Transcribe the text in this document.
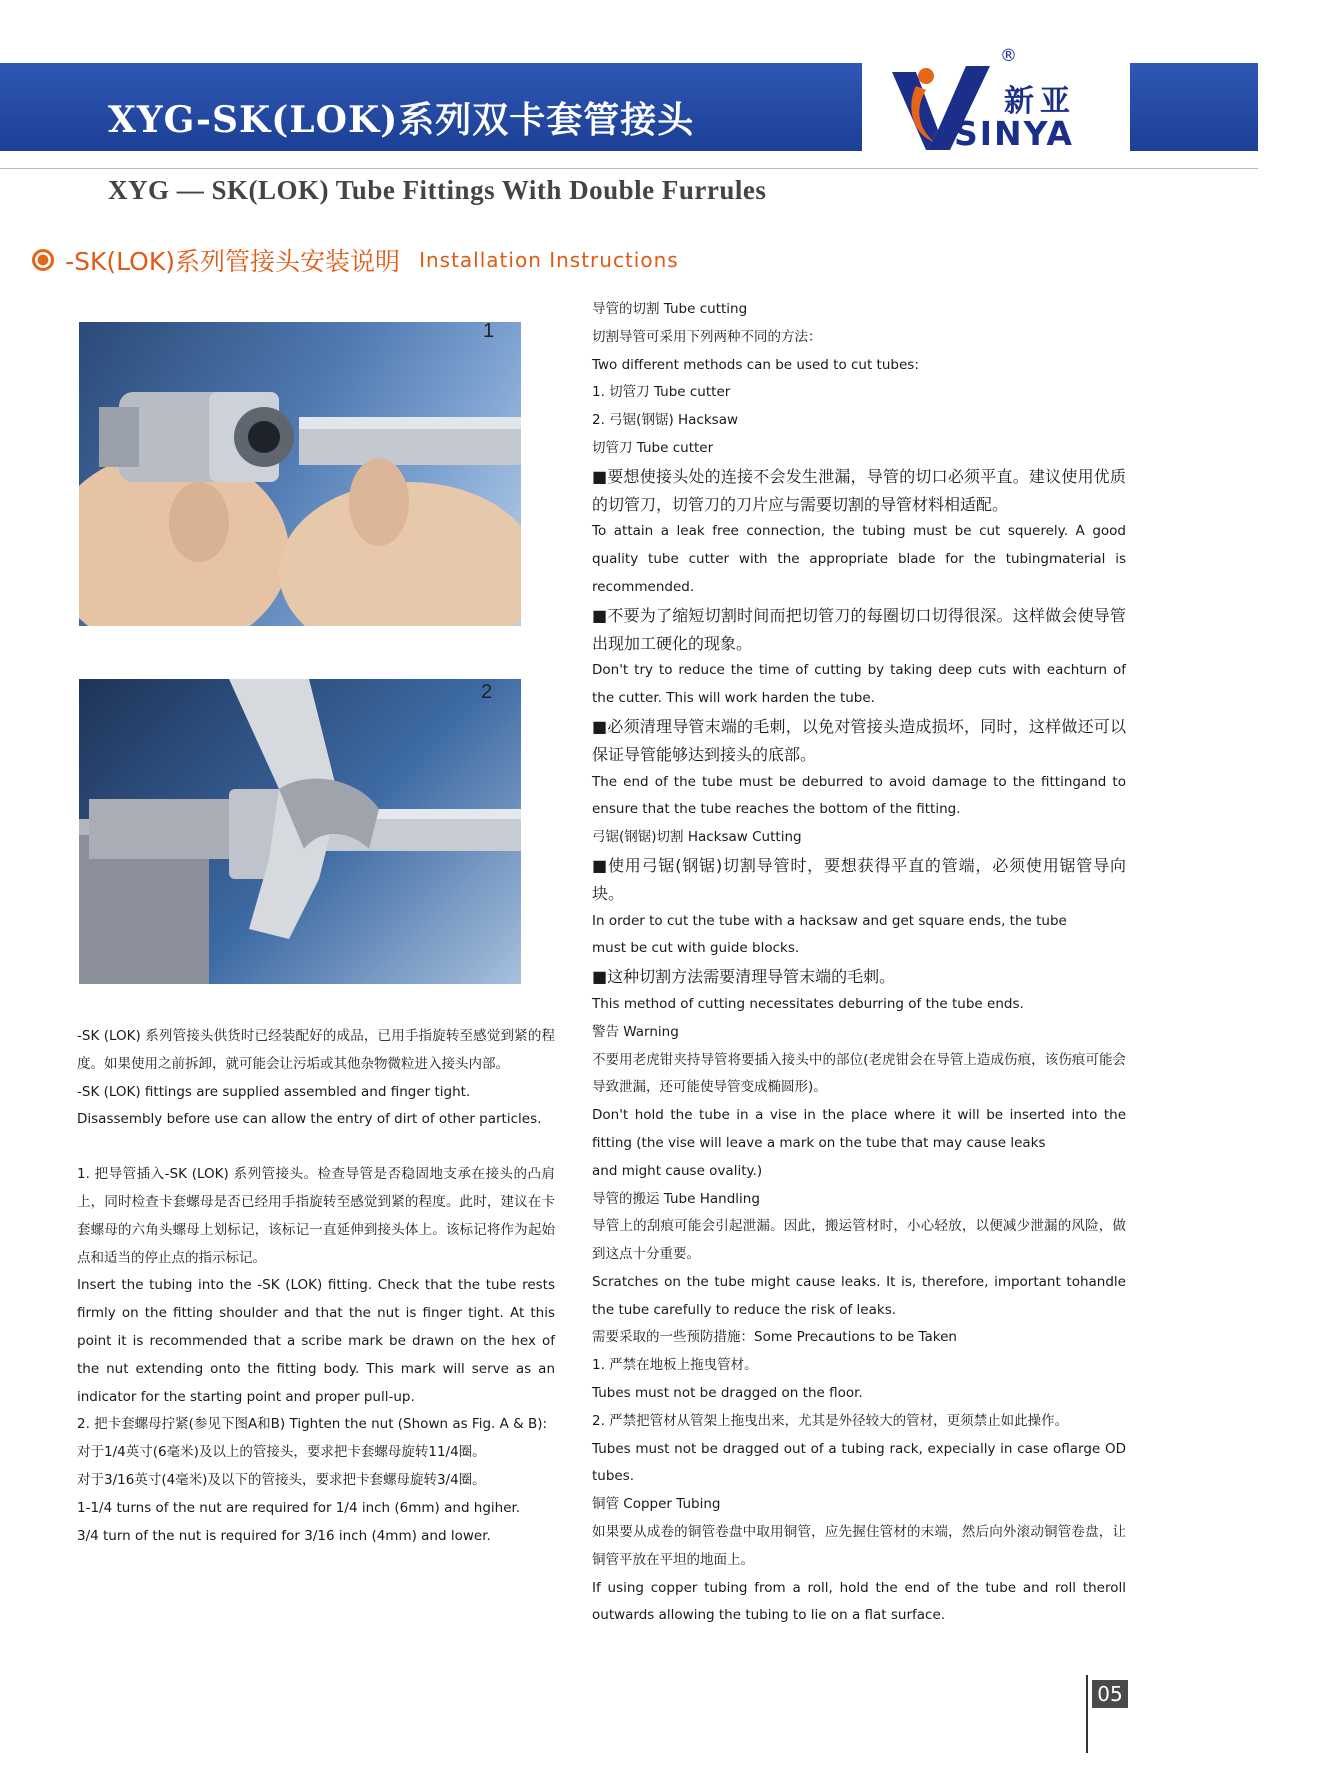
XYG-SK(LOK)系列双卡套管接头
®
新亚
SINYA
XYG — SK(LOK) Tube Fittings With Double Furrules
-SK(LOK)系列管接头安装说明 Installation Instructions
1
2

-SK (LOK) 系列管接头供货时已经装配好的成品，已用手指旋转至感觉到紧的程度。如果使用之前拆卸，就可能会让污垢或其他杂物微粒进入接头内部。

-SK (LOK) fittings are supplied assembled and finger tight.

Disassembly before use can allow the entry of dirt of other particles.

1. 把导管插入-SK (LOK) 系列管接头。检查导管是否稳固地支承在接头的凸肩上，同时检查卡套螺母是否已经用手指旋转至感觉到紧的程度。此时，建议在卡套螺母的六角头螺母上划标记，该标记一直延伸到接头体上。该标记将作为起始点和适当的停止点的指示标记。

Insert the tubing into the -SK (LOK) fitting. Check that the tube rests firmly on the fitting shoulder and that the nut is finger tight. At this point it is recommended that a scribe mark be drawn on the hex of the nut extending onto the fitting body. This mark will serve as an indicator for the starting point and proper pull-up.

2. 把卡套螺母拧紧(参见下图A和B) Tighten the nut (Shown as Fig. A & B):

对于1/4英寸(6毫米)及以上的管接头，要求把卡套螺母旋转11/4圈。

对于3/16英寸(4毫米)及以下的管接头，要求把卡套螺母旋转3/4圈。

1-1/4 turns of the nut are required for 1/4 inch (6mm) and hgiher.

3/4 turn of the nut is required for 3/16 inch (4mm) and lower.

导管的切割 Tube cutting

切割导管可采用下列两种不同的方法：

Two different methods can be used to cut tubes:

1. 切管刀 Tube cutter

2. 弓锯(钢锯) Hacksaw

切管刀 Tube cutter

■要想使接头处的连接不会发生泄漏，导管的切口必须平直。建议使用优质的切管刀，切管刀的刀片应与需要切割的导管材料相适配。

To attain a leak free connection, the tubing must be cut squerely. A good quality tube cutter with the appropriate blade for the tubingmaterial is recommended.

■不要为了缩短切割时间而把切管刀的每圈切口切得很深。这样做会使导管出现加工硬化的现象。

Don't try to reduce the time of cutting by taking deep cuts with eachturn of the cutter. This will work harden the tube.

■必须清理导管末端的毛刺，以免对管接头造成损坏，同时，这样做还可以保证导管能够达到接头的底部。

The end of the tube must be deburred to avoid damage to the fittingand to ensure that the tube reaches the bottom of the fitting.

弓锯(钢锯)切割 Hacksaw Cutting

■使用弓锯(钢锯)切割导管时，要想获得平直的管端，必须使用锯管导向块。

In order to cut the tube with a hacksaw and get square ends, the tube

must be cut with guide blocks.

■这种切割方法需要清理导管末端的毛刺。

This method of cutting necessitates deburring of the tube ends.

警告 Warning

不要用老虎钳夹持导管将要插入接头中的部位(老虎钳会在导管上造成伤痕，该伤痕可能会导致泄漏，还可能使导管变成椭圆形)。

Don't hold the tube in a vise in the place where it will be inserted into the fitting (the vise will leave a mark on the tube that may cause leaks

and might cause ovality.)

导管的搬运 Tube Handling

导管上的刮痕可能会引起泄漏。因此，搬运管材时，小心轻放，以便减少泄漏的风险，做到这点十分重要。

Scratches on the tube might cause leaks. It is, therefore, important tohandle the tube carefully to reduce the risk of leaks.

需要采取的一些预防措施：Some Precautions to be Taken

1. 严禁在地板上拖曳管材。

Tubes must not be dragged on the floor.

2. 严禁把管材从管架上拖曳出来，尤其是外径较大的管材，更须禁止如此操作。

Tubes must not be dragged out of a tubing rack, expecially in case oflarge OD tubes.

铜管 Copper Tubing

如果要从成卷的铜管卷盘中取用铜管，应先握住管材的末端，然后向外滚动铜管卷盘，让铜管平放在平坦的地面上。

If using copper tubing from a roll, hold the end of the tube and roll theroll outwards allowing the tubing to lie on a flat surface.

05
